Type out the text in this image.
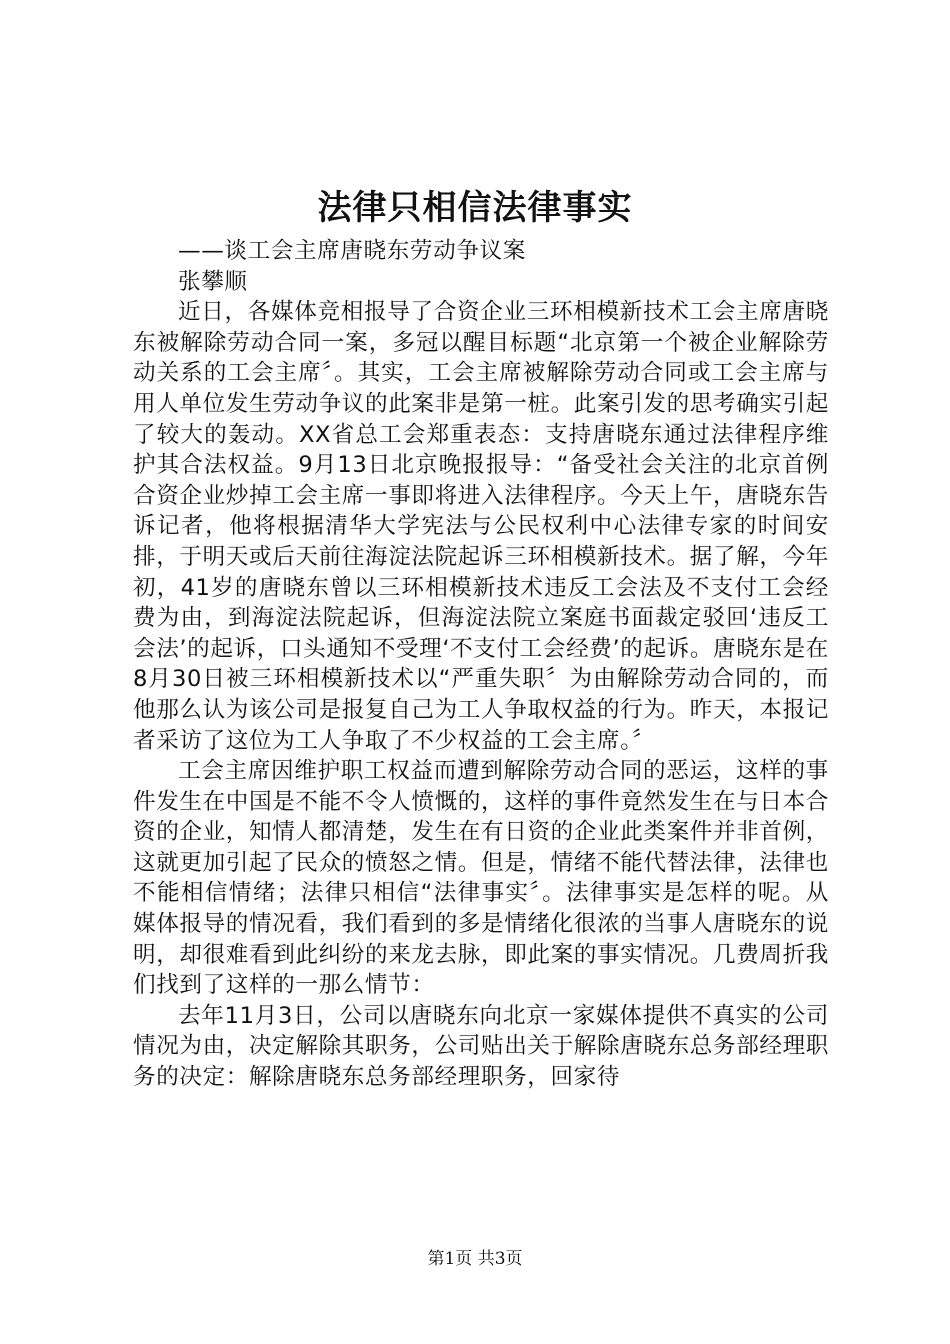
法律只相信法律事实

——谈工会主席唐晓东劳动争议案

张攀顺

近日，各媒体竞相报导了合资企业三环相模新技术工会主席唐晓东被解除劳动合同一案，多冠以醒目标题“北京第一个被企业解除劳动关系的工会主席〞。其实，工会主席被解除劳动合同或工会主席与用人单位发生劳动争议的此案非是第一桩。此案引发的思考确实引起了较大的轰动。XX省总工会郑重表态：支持唐晓东通过法律程序维护其合法权益。9月13日北京晚报报导：“备受社会关注的北京首例合资企业炒掉工会主席一事即将进入法律程序。今天上午，唐晓东告诉记者，他将根据清华大学宪法与公民权利中心法律专家的时间安排，于明天或后天前往海淀法院起诉三环相模新技术。据了解，今年初，41岁的唐晓东曾以三环相模新技术违反工会法及不支付工会经费为由，到海淀法院起诉，但海淀法院立案庭书面裁定驳回‘违反工会法’的起诉，口头通知不受理‘不支付工会经费’的起诉。唐晓东是在8月30日被三环相模新技术以“严重失职〞为由解除劳动合同的，而他那么认为该公司是报复自己为工人争取权益的行为。昨天，本报记者采访了这位为工人争取了不少权益的工会主席。〞

工会主席因维护职工权益而遭到解除劳动合同的恶运，这样的事件发生在中国是不能不令人愤慨的，这样的事件竟然发生在与日本合资的企业，知情人都清楚，发生在有日资的企业此类案件并非首例，这就更加引起了民众的愤怒之情。但是，情绪不能代替法律，法律也不能相信情绪；法律只相信“法律事实〞。法律事实是怎样的呢。从媒体报导的情况看，我们看到的多是情绪化很浓的当事人唐晓东的说明，却很难看到此纠纷的来龙去脉，即此案的事实情况。几费周折我们找到了这样的一那么情节：

去年11月3日，公司以唐晓东向北京一家媒体提供不真实的公司情况为由，决定解除其职务，公司贴出关于解除唐晓东总务部经理职务的决定：解除唐晓东总务部经理职务，回家待

第1页 共3页
